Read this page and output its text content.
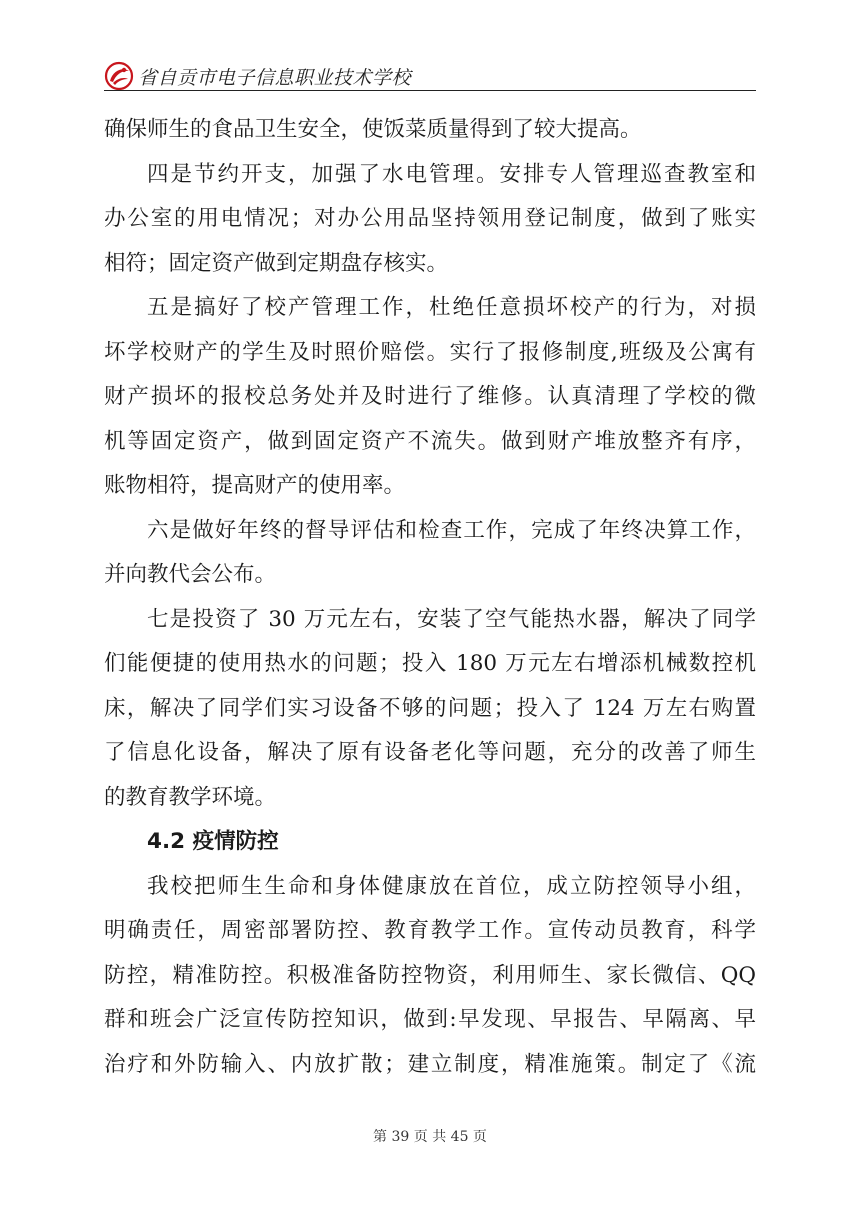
省自贡市电子信息职业技术学校
确保师生的食品卫生安全，使饭菜质量得到了较大提高。
四是节约开支，加强了水电管理。安排专人管理巡查教室和
办公室的用电情况；对办公用品坚持领用登记制度，做到了账实
相符；固定资产做到定期盘存核实。
五是搞好了校产管理工作，杜绝任意损坏校产的行为，对损
坏学校财产的学生及时照价赔偿。实行了报修制度,班级及公寓有
财产损坏的报校总务处并及时进行了维修。认真清理了学校的微
机等固定资产，做到固定资产不流失。做到财产堆放整齐有序，
账物相符，提高财产的使用率。
六是做好年终的督导评估和检查工作，完成了年终决算工作，
并向教代会公布。
七是投资了 30 万元左右，安装了空气能热水器，解决了同学
们能便捷的使用热水的问题；投入 180 万元左右增添机械数控机
床，解决了同学们实习设备不够的问题；投入了 124 万左右购置
了信息化设备，解决了原有设备老化等问题，充分的改善了师生
的教育教学环境。
4.2 疫情防控
我校把师生生命和身体健康放在首位，成立防控领导小组，
明确责任，周密部署防控、教育教学工作。宣传动员教育，科学
防控，精准防控。积极准备防控物资，利用师生、家长微信、QQ
群和班会广泛宣传防控知识，做到:早发现、早报告、早隔离、早
治疗和外防输入、内放扩散；建立制度，精准施策。制定了《流
第 39 页 共 45 页
